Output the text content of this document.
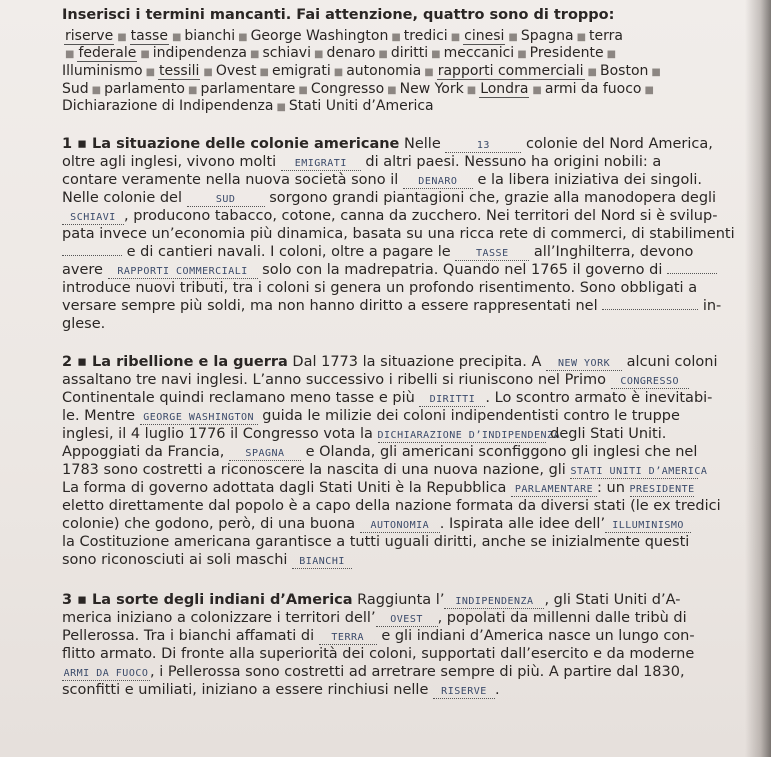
Inserisci i termini mancanti. Fai attenzione, quattro sono di troppo:
riserve ■ tasse ■ bianchi ■ George Washington ■ tredici ■ cinesi ■ Spagna ■ terra
■ federale ■ indipendenza ■ schiavi ■ denaro ■ diritti ■ meccanici ■ Presidente ■
Illuminismo ■ tessili ■ Ovest ■ emigrati ■ autonomia ■ rapporti commerciali ■ Boston ■
Sud ■ parlamento ■ parlamentare ■ Congresso ■ New York ■ Londra ■ armi da fuoco ■
Dichiarazione di Indipendenza ■ Stati Uniti d’America
1 ▪ La situazione delle colonie americane Nelle	13 colonie del Nord America,
oltre agli inglesi, vivono molti EMIGRATI di altri paesi. Nessuno ha origini nobili: a
contare veramente nella nuova società sono il DENARO e la libera iniziativa dei singoli.
Nelle colonie del	SUD sorgono grandi piantagioni che, grazie alla manodopera degli
SCHIAVI , producono tabacco, cotone, canna da zucchero. Nei territori del Nord si è svilup-
pata invece un’economia più dinamica, basata su una ricca rete di commerci, di stabilimenti
e di cantieri navali. I coloni, oltre a pagare le	TASSE all’Inghilterra, devono
avere RAPPORTI COMMERCIALI solo con la madrepatria. Quando nel 1765 il governo di
introduce nuovi tributi, tra i coloni si genera un profondo risentimento. Sono obbligati a
versare sempre più soldi, ma non hanno diritto a essere rappresentati nel	in-
glese.
2 ▪ La ribellione e la guerra Dal 1773 la situazione precipita. A NEW YORK alcuni coloni
assaltano tre navi inglesi. L’anno successivo i ribelli si riuniscono nel Primo CONGRESSO
Continentale quindi reclamano meno tasse e più DIRITTI . Lo scontro armato è inevitabi-
le. Mentre GEORGE WASHINGTON guida le milizie dei coloni indipendentisti contro le truppe
inglesi, il 4 luglio 1776 il Congresso vota la DICHIARAZIONE D’INDIPENDENZA degli Stati Uniti.
Appoggiati da Francia, SPAGNA e Olanda, gli americani sconfiggono gli inglesi che nel
1783 sono costretti a riconoscere la nascita di una nuova nazione, gli STATI UNITI D’AMERICA
La forma di governo adottata dagli Stati Uniti è la Repubblica PARLAMENTARE : un PRESIDENTE
eletto direttamente dal popolo è a capo della nazione formata da diversi stati (le ex tredici
colonie) che godono, però, di una buona AUTONOMIA . Ispirata alle idee dell’ ILLUMINISMO
la Costituzione americana garantisce a tutti uguali diritti, anche se inizialmente questi
sono riconosciuti ai soli maschi BIANCHI
3 ▪ La sorte degli indiani d’America Raggiunta l’ INDIPENDENZA , gli Stati Uniti d’A-
merica iniziano a colonizzare i territori dell’ OVEST , popolati da millenni dalle tribù di
Pellerossa. Tra i bianchi affamati di TERRA e gli indiani d’America nasce un lungo con-
flitto armato. Di fronte alla superiorità dei coloni, supportati dall’esercito e da moderne
ARMI DA FUOCO , i Pellerossa sono costretti ad arretrare sempre di più. A partire dal 1830,
sconfitti e umiliati, iniziano a essere rinchiusi nelle RISERVE .
